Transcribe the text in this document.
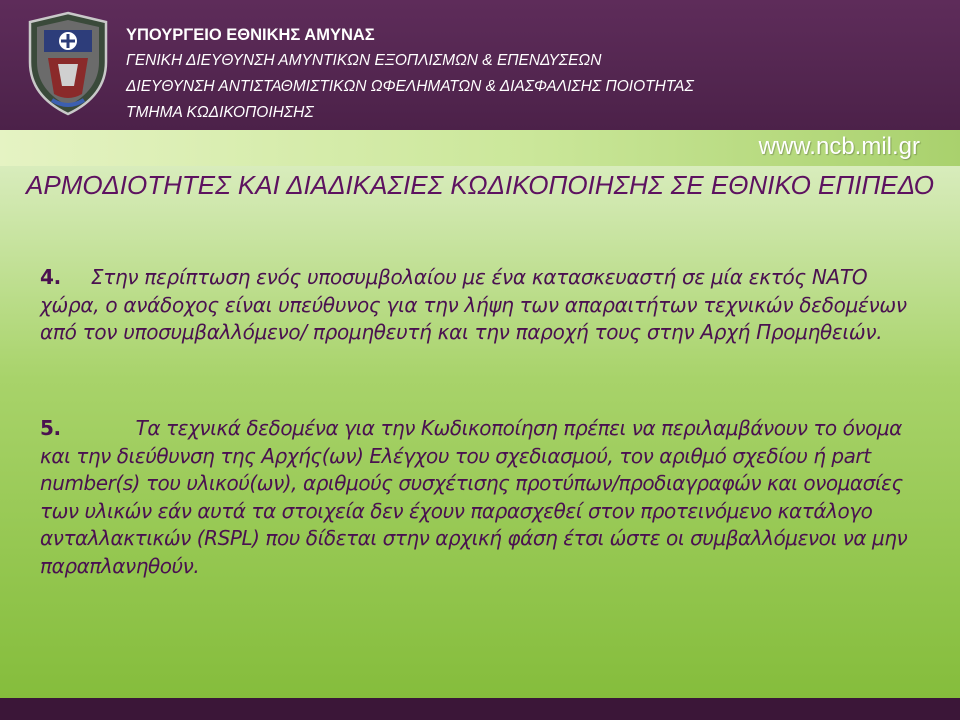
ΥΠΟΥΡΓΕΙΟ ΕΘΝΙΚΗΣ ΑΜΥΝΑΣ
ΓΕΝΙΚΗ ΔΙΕΥΘΥΝΣΗ ΑΜΥΝΤΙΚΩΝ ΕΞΟΠΛΙΣΜΩΝ & ΕΠΕΝΔΥΣΕΩΝ
ΔΙΕΥΘΥΝΣΗ ΑΝΤΙΣΤΑΘΜΙΣΤΙΚΩΝ ΩΦΕΛΗΜΑΤΩΝ & ΔΙΑΣΦΑΛΙΣΗΣ ΠΟΙΟΤΗΤΑΣ
ΤΜΗΜΑ ΚΩΔΙΚΟΠΟΙΗΣΗΣ
www.ncb.mil.gr
ΑΡΜΟΔΙΟΤΗΤΕΣ ΚΑΙ ΔΙΑΔΙΚΑΣΙΕΣ ΚΩΔΙΚΟΠΟΙΗΣΗΣ ΣΕ ΕΘΝΙΚΟ ΕΠΙΠΕΔΟ
4. Στην περίπτωση ενός υποσυμβολαίου με ένα κατασκευαστή σε μία εκτός ΝΑΤΟ χώρα, ο ανάδοχος είναι υπεύθυνος για την λήψη των απαραιτήτων τεχνικών δεδομένων από τον υποσυμβαλλόμενο/ προμηθευτή και την παροχή τους στην Αρχή Προμηθειών.
5.	Τα τεχνικά δεδομένα για την Κωδικοποίηση πρέπει να περιλαμβάνουν το όνομα και την διεύθυνση της Αρχής(ων) Ελέγχου του σχεδιασμού, τον αριθμό σχεδίου ή part number(s) του υλικού(ων), αριθμούς συσχέτισης προτύπων/προδιαγραφών και ονομασίες των υλικών εάν αυτά τα στοιχεία δεν έχουν παρασχεθεί στον προτεινόμενο κατάλογο ανταλλακτικών (RSPL) που δίδεται στην αρχική φάση έτσι ώστε οι συμβαλλόμενοι να μην παραπλανηθούν.
